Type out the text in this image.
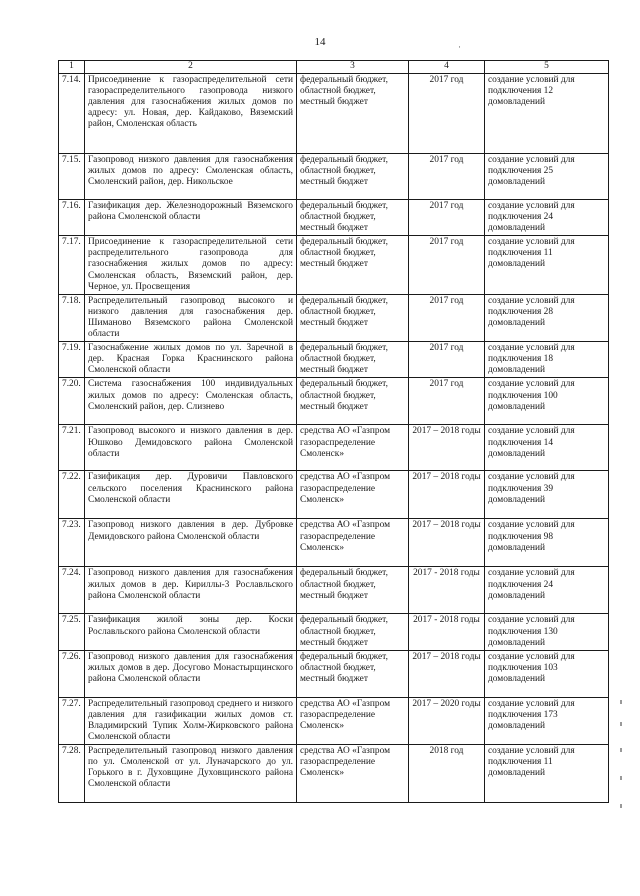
14	·
1	2	3	4	5
7.14.	Присоединение к газораспределительной сети газораспределительного газопровода низкого давления для газоснабжения жилых домов по адресу: ул. Новая, дер. Кайдаково, Вяземский район, Смоленская область	федеральный бюджет, областной бюджет, местный бюджет	2017 год	создание условий для подключения 12 домовладений
7.15.	Газопровод низкого давления для газоснабжения жилых домов по адресу: Смоленская область, Смоленский район, дер. Никольское	федеральный бюджет, областной бюджет, местный бюджет	2017 год	создание условий для подключения 25 домовладений
7.16.	Газификация дер. Железнодорожный Вяземского района Смоленской области	федеральный бюджет, областной бюджет, местный бюджет	2017 год	создание условий для подключения 24 домовладений
7.17.	Присоединение к газораспределительной сети распределительного газопровода для газоснабжения жилых домов по адресу: Смоленская область, Вяземский район, дер. Черное, ул. Просвещения	федеральный бюджет, областной бюджет, местный бюджет	2017 год	создание условий для подключения 11 домовладений
7.18.	Распределительный газопровод высокого и низкого давления для газоснабжения дер. Шиманово Вяземского района Смоленской области	федеральный бюджет, областной бюджет, местный бюджет	2017 год	создание условий для подключения 28 домовладений
7.19.	Газоснабжение жилых домов по ул. Заречной в дер. Красная Горка Краснинского района Смоленской области	федеральный бюджет, областной бюджет, местный бюджет	2017 год	создание условий для подключения 18 домовладений
7.20.	Система газоснабжения 100 индивидуальных жилых домов по адресу: Смоленская область, Смоленский район, дер. Слизнево	федеральный бюджет, областной бюджет, местный бюджет	2017 год	создание условий для подключения 100 домовладений
7.21.	Газопровод высокого и низкого давления в дер. Юшково Демидовского района Смоленской области	средства АО «Газпром газораспределение Смоленск»	2017 – 2018 годы	создание условий для подключения 14 домовладений
7.22.	Газификация дер. Дуровичи Павловского сельского поселения Краснинского района Смоленской области	средства АО «Газпром газораспределение Смоленск»	2017 – 2018 годы	создание условий для подключения 39 домовладений
7.23.	Газопровод низкого давления в дер. Дубровке Демидовского района Смоленской области	средства АО «Газпром газораспределение Смоленск»	2017 – 2018 годы	создание условий для подключения 98 домовладений
7.24.	Газопровод низкого давления для газоснабжения жилых домов в дер. Кириллы-3 Рославльского района Смоленской области	федеральный бюджет, областной бюджет, местный бюджет	2017 - 2018 годы	создание условий для подключения 24 домовладений
7.25.	Газификация жилой зоны дер. Коски Рославльского района Смоленской области	федеральный бюджет, областной бюджет, местный бюджет	2017 - 2018 годы	создание условий для подключения 130 домовладений
7.26.	Газопровод низкого давления для газоснабжения жилых домов в дер. Досугово Монастырщинского района Смоленской области	федеральный бюджет, областной бюджет, местный бюджет	2017 – 2018 годы	создание условий для подключения 103 домовладений
7.27.	Распределительный газопровод среднего и низкого давления для газификации жилых домов ст. Владимирский Тупик Холм-Жирковского района Смоленской области	средства АО «Газпром газораспределение Смоленск»	2017 – 2020 годы	создание условий для подключения 173 домовладений
7.28.	Распределительный газопровод низкого давления по ул. Смоленской от ул. Луначарского до ул. Горького в г. Духовщине Духовщинского района Смоленской области	средства АО «Газпром газораспределение Смоленск»	2018 год	создание условий для подключения 11 домовладений
